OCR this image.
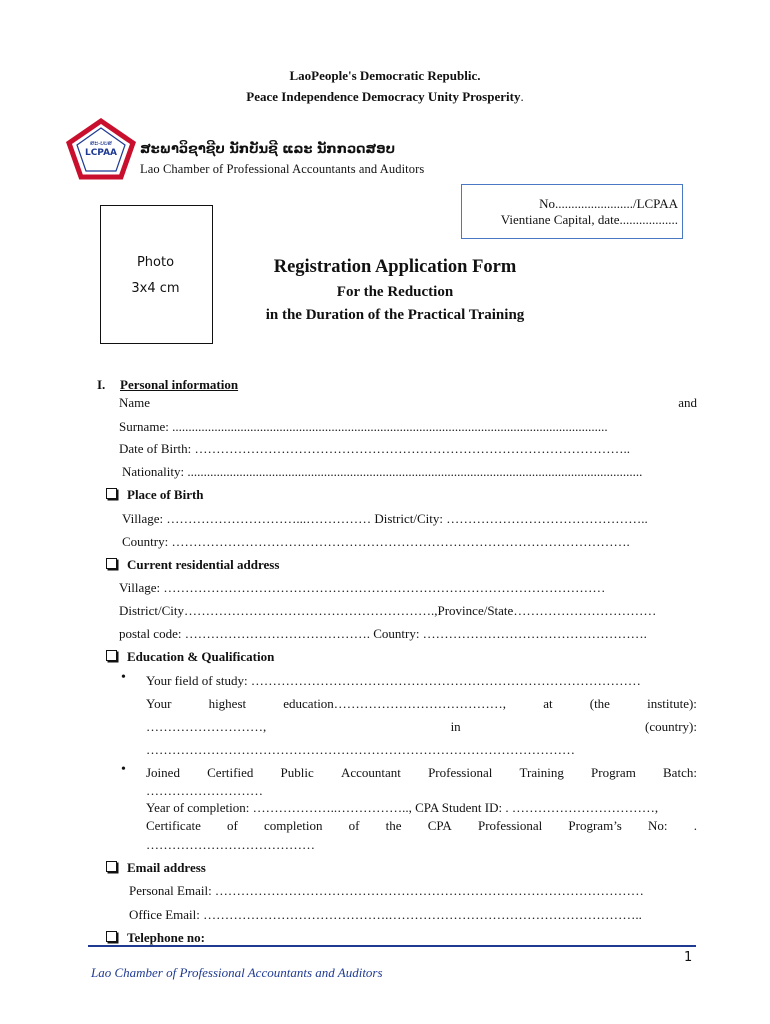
LaoPeople's Democratic Republic.
Peace Independence Democracy Unity Prosperity.
ສະ-ບບສ
LCPAA	ສະພາວິຊາຊີບ ນັກບັນຊີ ແລະ ນັກກວດສອບ
Lao Chamber of Professional Accountants and Auditors
No......................../LCPAA
Vientiane Capital, date..................
Photo
3x4 cm
Registration Application Form
For the Reduction
in the Duration of the Practical Training
I. Personal information
Name	and
Surname: ......................................................................................................................................
Date of Birth: ………………………………………………………………………………………..
Nationality: ............................................................................................................................................
Place of Birth
Village: …………………………...…………… District/City: ………………………………………..
Country: …………………………………………………………………………………………….
Current residential address
Village: …………………………………………………………………………………………
District/City………………………………………………….,Province/State……………………………
postal code: ……………………………………. Country: …………………………………………….
Education & Qualification
• Your field of study: ………………………………………………………………………………
Your	highest	education…………………………………,	at	(the	institute):
………………………,	in	(country):
………………………………………………………………………………………
• Joined Certified Public Accountant Professional Training Program Batch:
………………………
Year of completion: ………………..…………….., CPA Student ID: . ……………………………,
Certificate of completion of the CPA Professional Program’s No: .
…………………………………
Email address
Personal Email: ………………………………………………………………………………………
Office Email: …………………………………….…………………………………………………..
Telephone no:
1
Lao Chamber of Professional Accountants and Auditors
